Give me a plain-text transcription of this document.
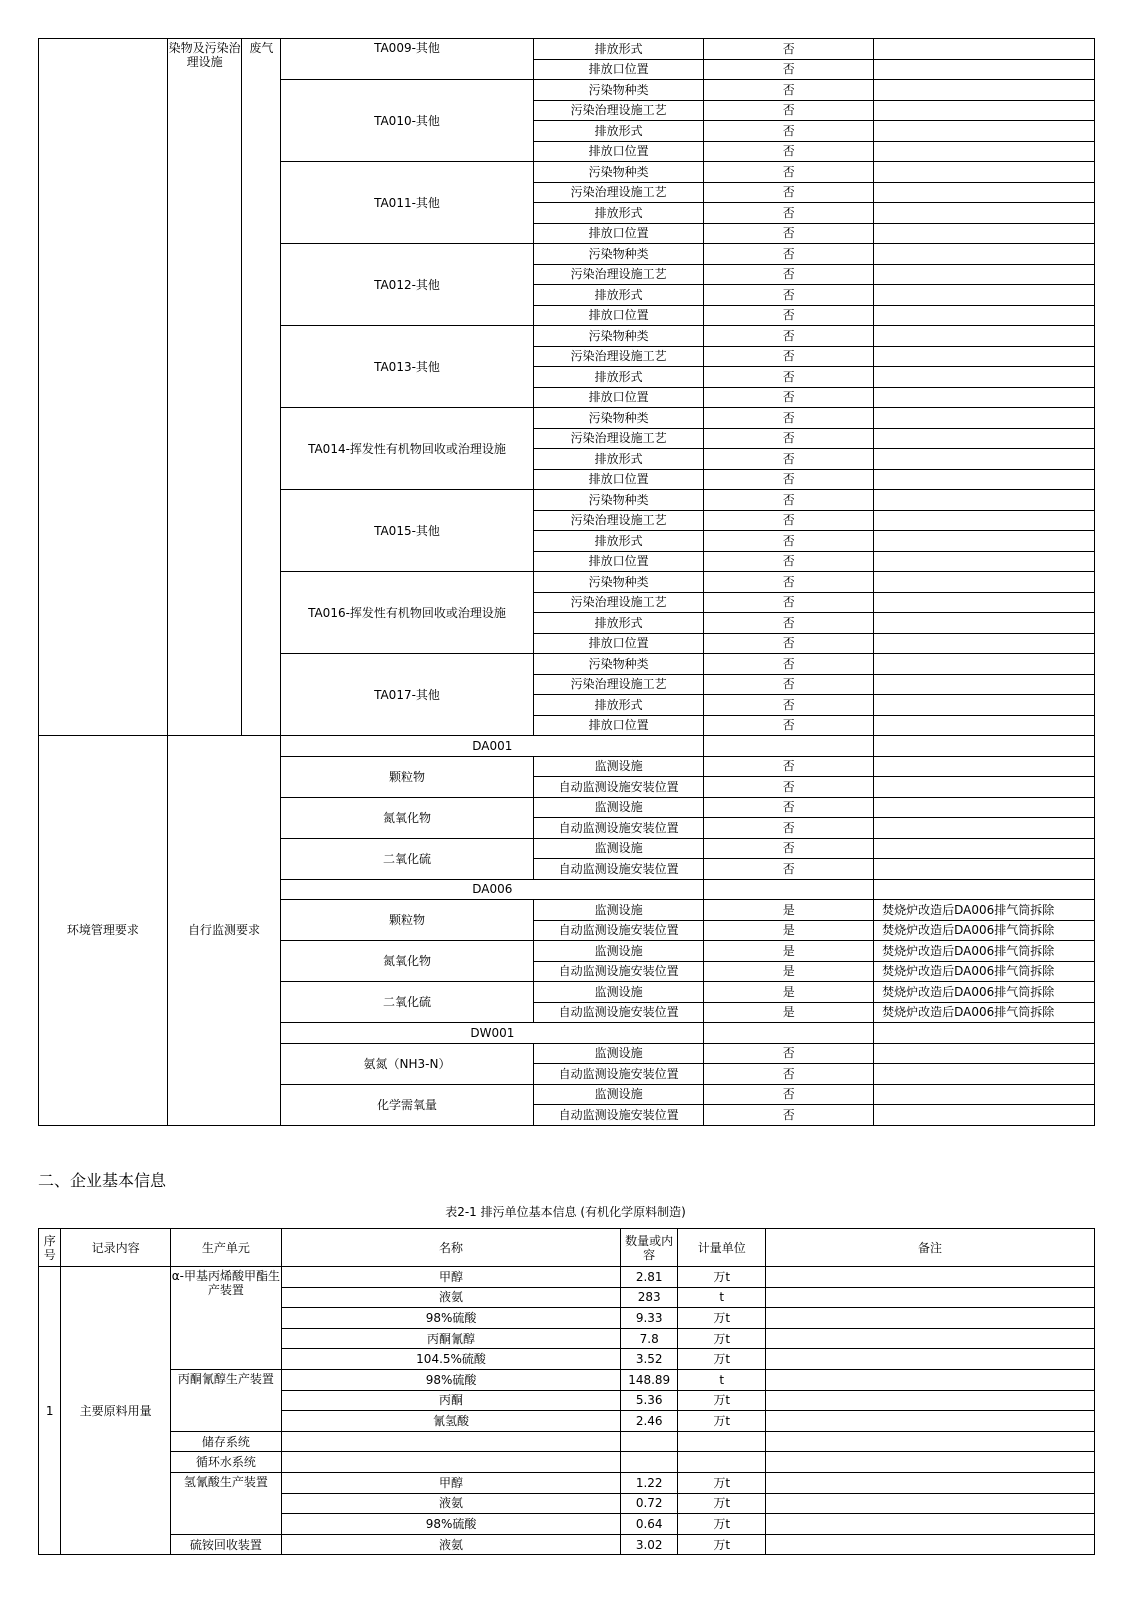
	染物及污染治理设施	废气	TA009-其他	排放形式	否	
				排放口位置	否	
			TA010-其他	污染物种类	否	
				污染治理设施工艺	否	
				排放形式	否	
				排放口位置	否	
			TA011-其他	污染物种类	否	
				污染治理设施工艺	否	
				排放形式	否	
				排放口位置	否	
			TA012-其他	污染物种类	否	
				污染治理设施工艺	否	
				排放形式	否	
				排放口位置	否	
			TA013-其他	污染物种类	否	
				污染治理设施工艺	否	
				排放形式	否	
				排放口位置	否	
			TA014-挥发性有机物回收或治理设施	污染物种类	否	
				污染治理设施工艺	否	
				排放形式	否	
				排放口位置	否	
			TA015-其他	污染物种类	否	
				污染治理设施工艺	否	
				排放形式	否	
				排放口位置	否	
			TA016-挥发性有机物回收或治理设施	污染物种类	否	
				污染治理设施工艺	否	
				排放形式	否	
				排放口位置	否	
			TA017-其他	污染物种类	否	
				污染治理设施工艺	否	
				排放形式	否	
				排放口位置	否	
环境管理要求	自行监测要求		DA001			
			颗粒物	监测设施	否	
				自动监测设施安装位置	否	
			氮氧化物	监测设施	否	
				自动监测设施安装位置	否	
			二氧化硫	监测设施	否	
				自动监测设施安装位置	否	
			DA006			
			颗粒物	监测设施	是	焚烧炉改造后DA006排气筒拆除
				自动监测设施安装位置	是	焚烧炉改造后DA006排气筒拆除
			氮氧化物	监测设施	是	焚烧炉改造后DA006排气筒拆除
				自动监测设施安装位置	是	焚烧炉改造后DA006排气筒拆除
			二氧化硫	监测设施	是	焚烧炉改造后DA006排气筒拆除
				自动监测设施安装位置	是	焚烧炉改造后DA006排气筒拆除
			DW001			
			氨氮（NH3-N）	监测设施	否	
				自动监测设施安装位置	否	
			化学需氧量	监测设施	否	
				自动监测设施安装位置	否	
二、企业基本信息
表2-1 排污单位基本信息 (有机化学原料制造)
序号	记录内容	生产单元	名称	数量或内容	计量单位	备注
1	主要原料用量	α-甲基丙烯酸甲酯生产装置	甲醇	2.81	万t	
			液氨	283	t	
			98%硫酸	9.33	万t	
			丙酮氰醇	7.8	万t	
			104.5%硫酸	3.52	万t	
		丙酮氰醇生产装置	98%硫酸	148.89	t	
			丙酮	5.36	万t	
			氰氢酸	2.46	万t	
		储存系统				
		循环水系统				
		氢氰酸生产装置	甲醇	1.22	万t	
			液氨	0.72	万t	
			98%硫酸	0.64	万t	
		硫铵回收装置	液氨	3.02	万t	
